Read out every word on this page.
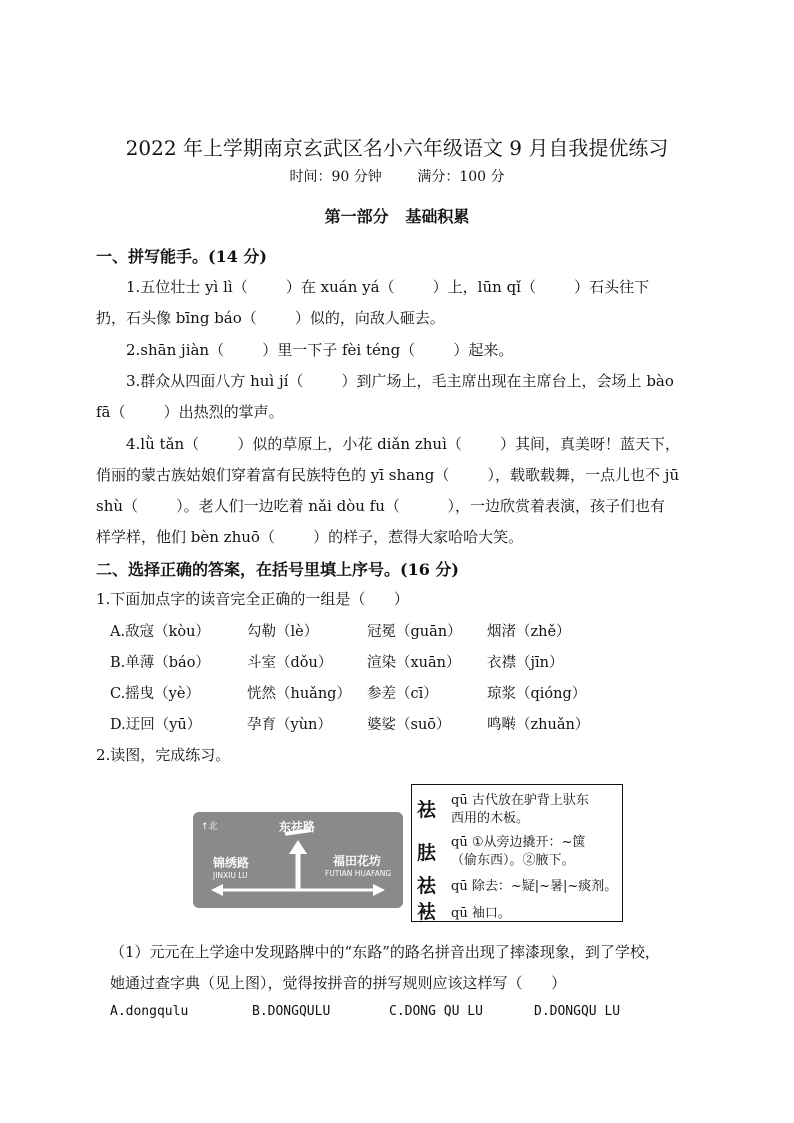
2022 年上学期南京玄武区名小六年级语文 9 月自我提优练习
时间：90 分钟        满分：100 分
第一部分   基础积累
一、拼写能手。(14 分)
1.五位壮士 yì lì（        ）在 xuán yá（        ）上，lūn qǐ（        ）石头往下
扔，石头像 bīng báo（        ）似的，向敌人砸去。
2.shān jiàn（        ）里一下子 fèi téng（        ）起来。
3.群众从四面八方 huì jí（        ）到广场上，毛主席出现在主席台上，会场上 bào
fā（        ）出热烈的掌声。
4.lǜ tǎn（        ）似的草原上，小花 diǎn zhuì（        ）其间，真美呀！蓝天下，
俏丽的蒙古族姑娘们穿着富有民族特色的 yī shang（        ），载歌载舞，一点儿也不 jū
shù（        ）。老人们一边吃着 nǎi dòu fu（          ），一边欣赏着表演，孩子们也有
样学样，他们 bèn zhuō（        ）的样子，惹得大家哈哈大笑。
二、选择正确的答案，在括号里填上序号。(16 分)
1.下面加点字的读音完全正确的一组是（      ）
A.敌寇（kòu）	勾勒（lè）	冠冕（guān） 烟渚（zhě）
B.单薄（báo）	斗室（dǒu） 渲染（xuān） 衣襟（jīn）
C.摇曳（yè）	恍然（huǎng） 参差（cī）	琼浆（qióng）
D.迂回（yū）	孕育（yùn） 婆娑（suō）	鸣啭（zhuǎn）
2.读图，完成练习。
↑北	东祛路
锦绣路
JINXIU LU
福田花坊
FUTIAN HUAFANG
祛 qū 古代放在驴背上驮东
西用的木板。
胠 qū ①从旁边撬开：~箧
（偷东西）。②腋下。
祛 qū 除去：~疑|~暑|~痰剂。
袪 qū 袖口。
（1）元元在上学途中发现路牌中的“东路”的路名拼音出现了摔漆现象，到了学校，
她通过查字典（见上图），觉得按拼音的拼写规则应该这样写（      ）
A.dongqulu	B.DONGQULU	C.DONG QU LU	D.DONGQU LU
